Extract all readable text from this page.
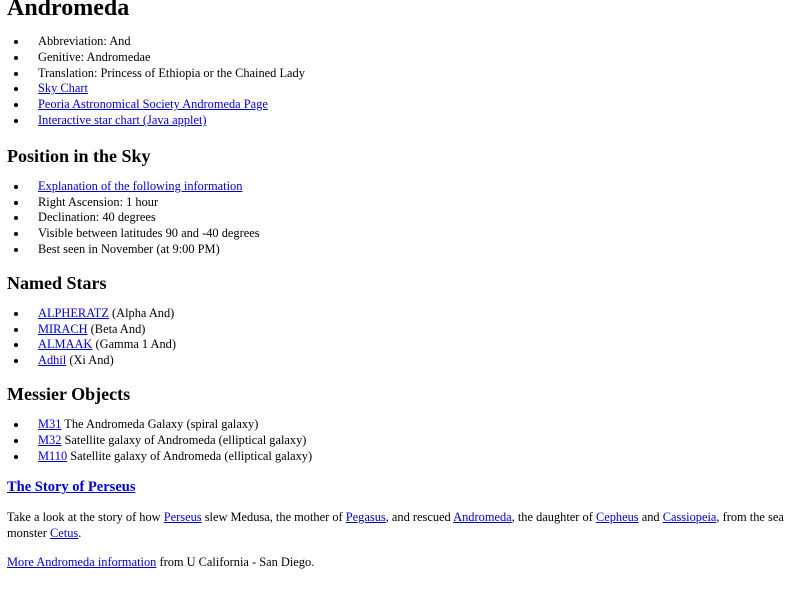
Andromeda
Abbreviation: And
Genitive: Andromedae
Translation: Princess of Ethiopia or the Chained Lady
Sky Chart
Peoria Astronomical Society Andromeda Page
Interactive star chart (Java applet)
Position in the Sky
Explanation of the following information
Right Ascension: 1 hour
Declination: 40 degrees
Visible between latitudes 90 and -40 degrees
Best seen in November (at 9:00 PM)
Named Stars
ALPHERATZ (Alpha And)
MIRACH (Beta And)
ALMAAK (Gamma 1 And)
Adhil (Xi And)
Messier Objects
M31 The Andromeda Galaxy (spiral galaxy)
M32 Satellite galaxy of Andromeda (elliptical galaxy)
M110 Satellite galaxy of Andromeda (elliptical galaxy)
The Story of Perseus

Take a look at the story of how Perseus slew Medusa, the mother of Pegasus, and rescued Andromeda, the daughter of Cepheus and Cassiopeia, from the sea monster Cetus.

More Andromeda information from U California - San Diego.
